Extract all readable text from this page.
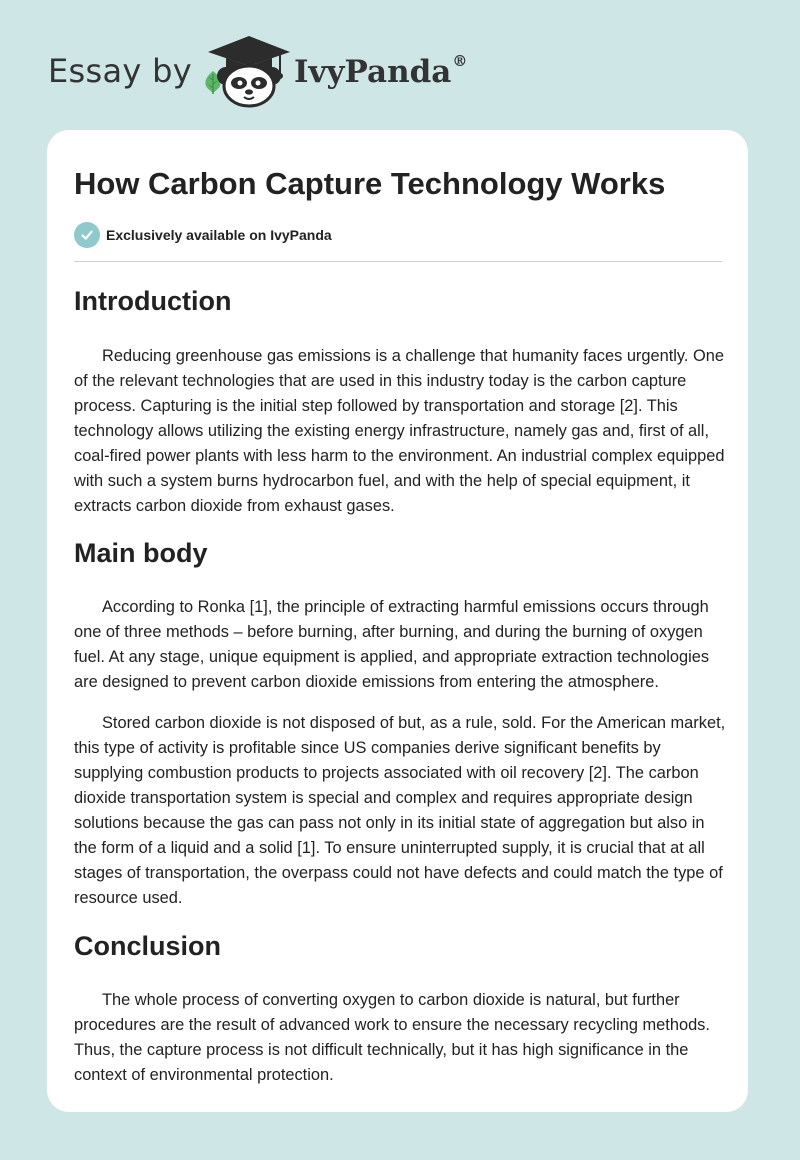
Essay by	IvyPanda®
How Carbon Capture Technology Works
Exclusively available on IvyPanda
Introduction

Reducing greenhouse gas emissions is a challenge that humanity faces urgently. One of the relevant technologies that are used in this industry today is the carbon capture process. Capturing is the initial step followed by transportation and storage [2]. This technology allows utilizing the existing energy infrastructure, namely gas and, first of all, coal-fired power plants with less harm to the environment. An industrial complex equipped with such a system burns hydrocarbon fuel, and with the help of special equipment, it extracts carbon dioxide from exhaust gases.

Main body

According to Ronka [1], the principle of extracting harmful emissions occurs through one of three methods – before burning, after burning, and during the burning of oxygen fuel. At any stage, unique equipment is applied, and appropriate extraction technologies are designed to prevent carbon dioxide emissions from entering the atmosphere.

Stored carbon dioxide is not disposed of but, as a rule, sold. For the American market, this type of activity is profitable since US companies derive significant benefits by supplying combustion products to projects associated with oil recovery [2]. The carbon dioxide transportation system is special and complex and requires appropriate design solutions because the gas can pass not only in its initial state of aggregation but also in the form of a liquid and a solid [1]. To ensure uninterrupted supply, it is crucial that at all stages of transportation, the overpass could not have defects and could match the type of resource used.

Conclusion

The whole process of converting oxygen to carbon dioxide is natural, but further procedures are the result of advanced work to ensure the necessary recycling methods. Thus, the capture process is not difficult technically, but it has high significance in the context of environmental protection.
